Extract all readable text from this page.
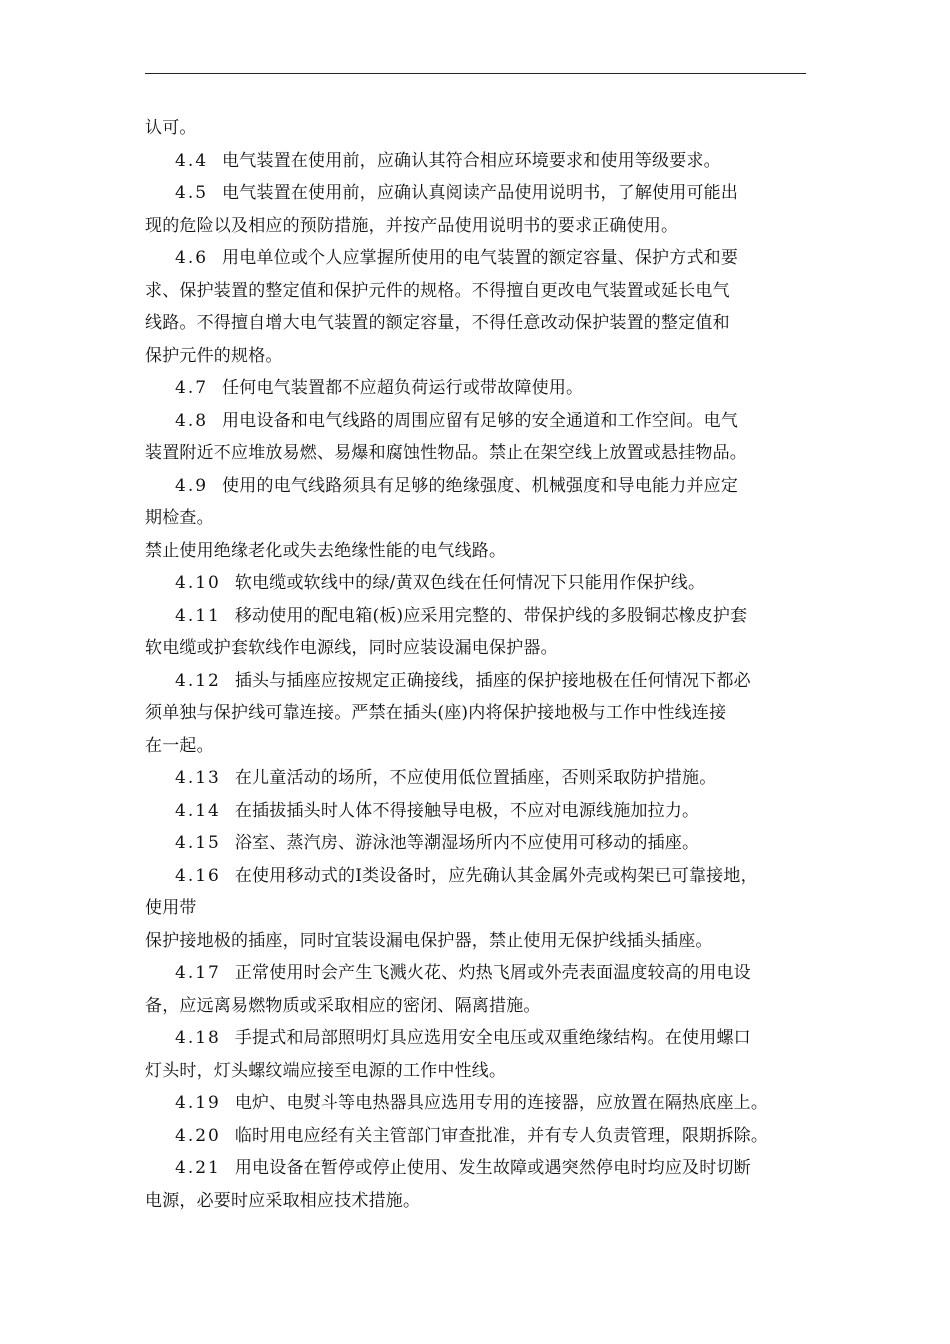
认可。
4.4 电气装置在使用前，应确认其符合相应环境要求和使用等级要求。
4.5 电气装置在使用前，应确认真阅读产品使用说明书，了解使用可能出
现的危险以及相应的预防措施，并按产品使用说明书的要求正确使用。
4.6 用电单位或个人应掌握所使用的电气装置的额定容量、保护方式和要
求、保护装置的整定值和保护元件的规格。不得擅自更改电气装置或延长电气
线路。不得擅自增大电气装置的额定容量，不得任意改动保护装置的整定值和
保护元件的规格。
4.7 任何电气装置都不应超负荷运行或带故障使用。
4.8 用电设备和电气线路的周围应留有足够的安全通道和工作空间。电气
装置附近不应堆放易燃、易爆和腐蚀性物品。禁止在架空线上放置或悬挂物品。
4.9 使用的电气线路须具有足够的绝缘强度、机械强度和导电能力并应定
期检查。
禁止使用绝缘老化或失去绝缘性能的电气线路。
4.10 软电缆或软线中的绿/黄双色线在任何情况下只能用作保护线。
4.11 移动使用的配电箱(板)应采用完整的、带保护线的多股铜芯橡皮护套
软电缆或护套软线作电源线，同时应装设漏电保护器。
4.12 插头与插座应按规定正确接线，插座的保护接地极在任何情况下都必
须单独与保护线可靠连接。严禁在插头(座)内将保护接地极与工作中性线连接
在一起。
4.13 在儿童活动的场所，不应使用低位置插座，否则采取防护措施。
4.14 在插拔插头时人体不得接触导电极，不应对电源线施加拉力。
4.15 浴室、蒸汽房、游泳池等潮湿场所内不应使用可移动的插座。
4.16 在使用移动式的Ⅰ类设备时，应先确认其金属外壳或构架已可靠接地，
使用带
保护接地极的插座，同时宜装设漏电保护器，禁止使用无保护线插头插座。
4.17 正常使用时会产生飞溅火花、灼热飞屑或外壳表面温度较高的用电设
备，应远离易燃物质或采取相应的密闭、隔离措施。
4.18 手提式和局部照明灯具应选用安全电压或双重绝缘结构。在使用螺口
灯头时，灯头螺纹端应接至电源的工作中性线。
4.19 电炉、电熨斗等电热器具应选用专用的连接器，应放置在隔热底座上。
4.20 临时用电应经有关主管部门审查批准，并有专人负责管理，限期拆除。
4.21 用电设备在暂停或停止使用、发生故障或遇突然停电时均应及时切断
电源，必要时应采取相应技术措施。
